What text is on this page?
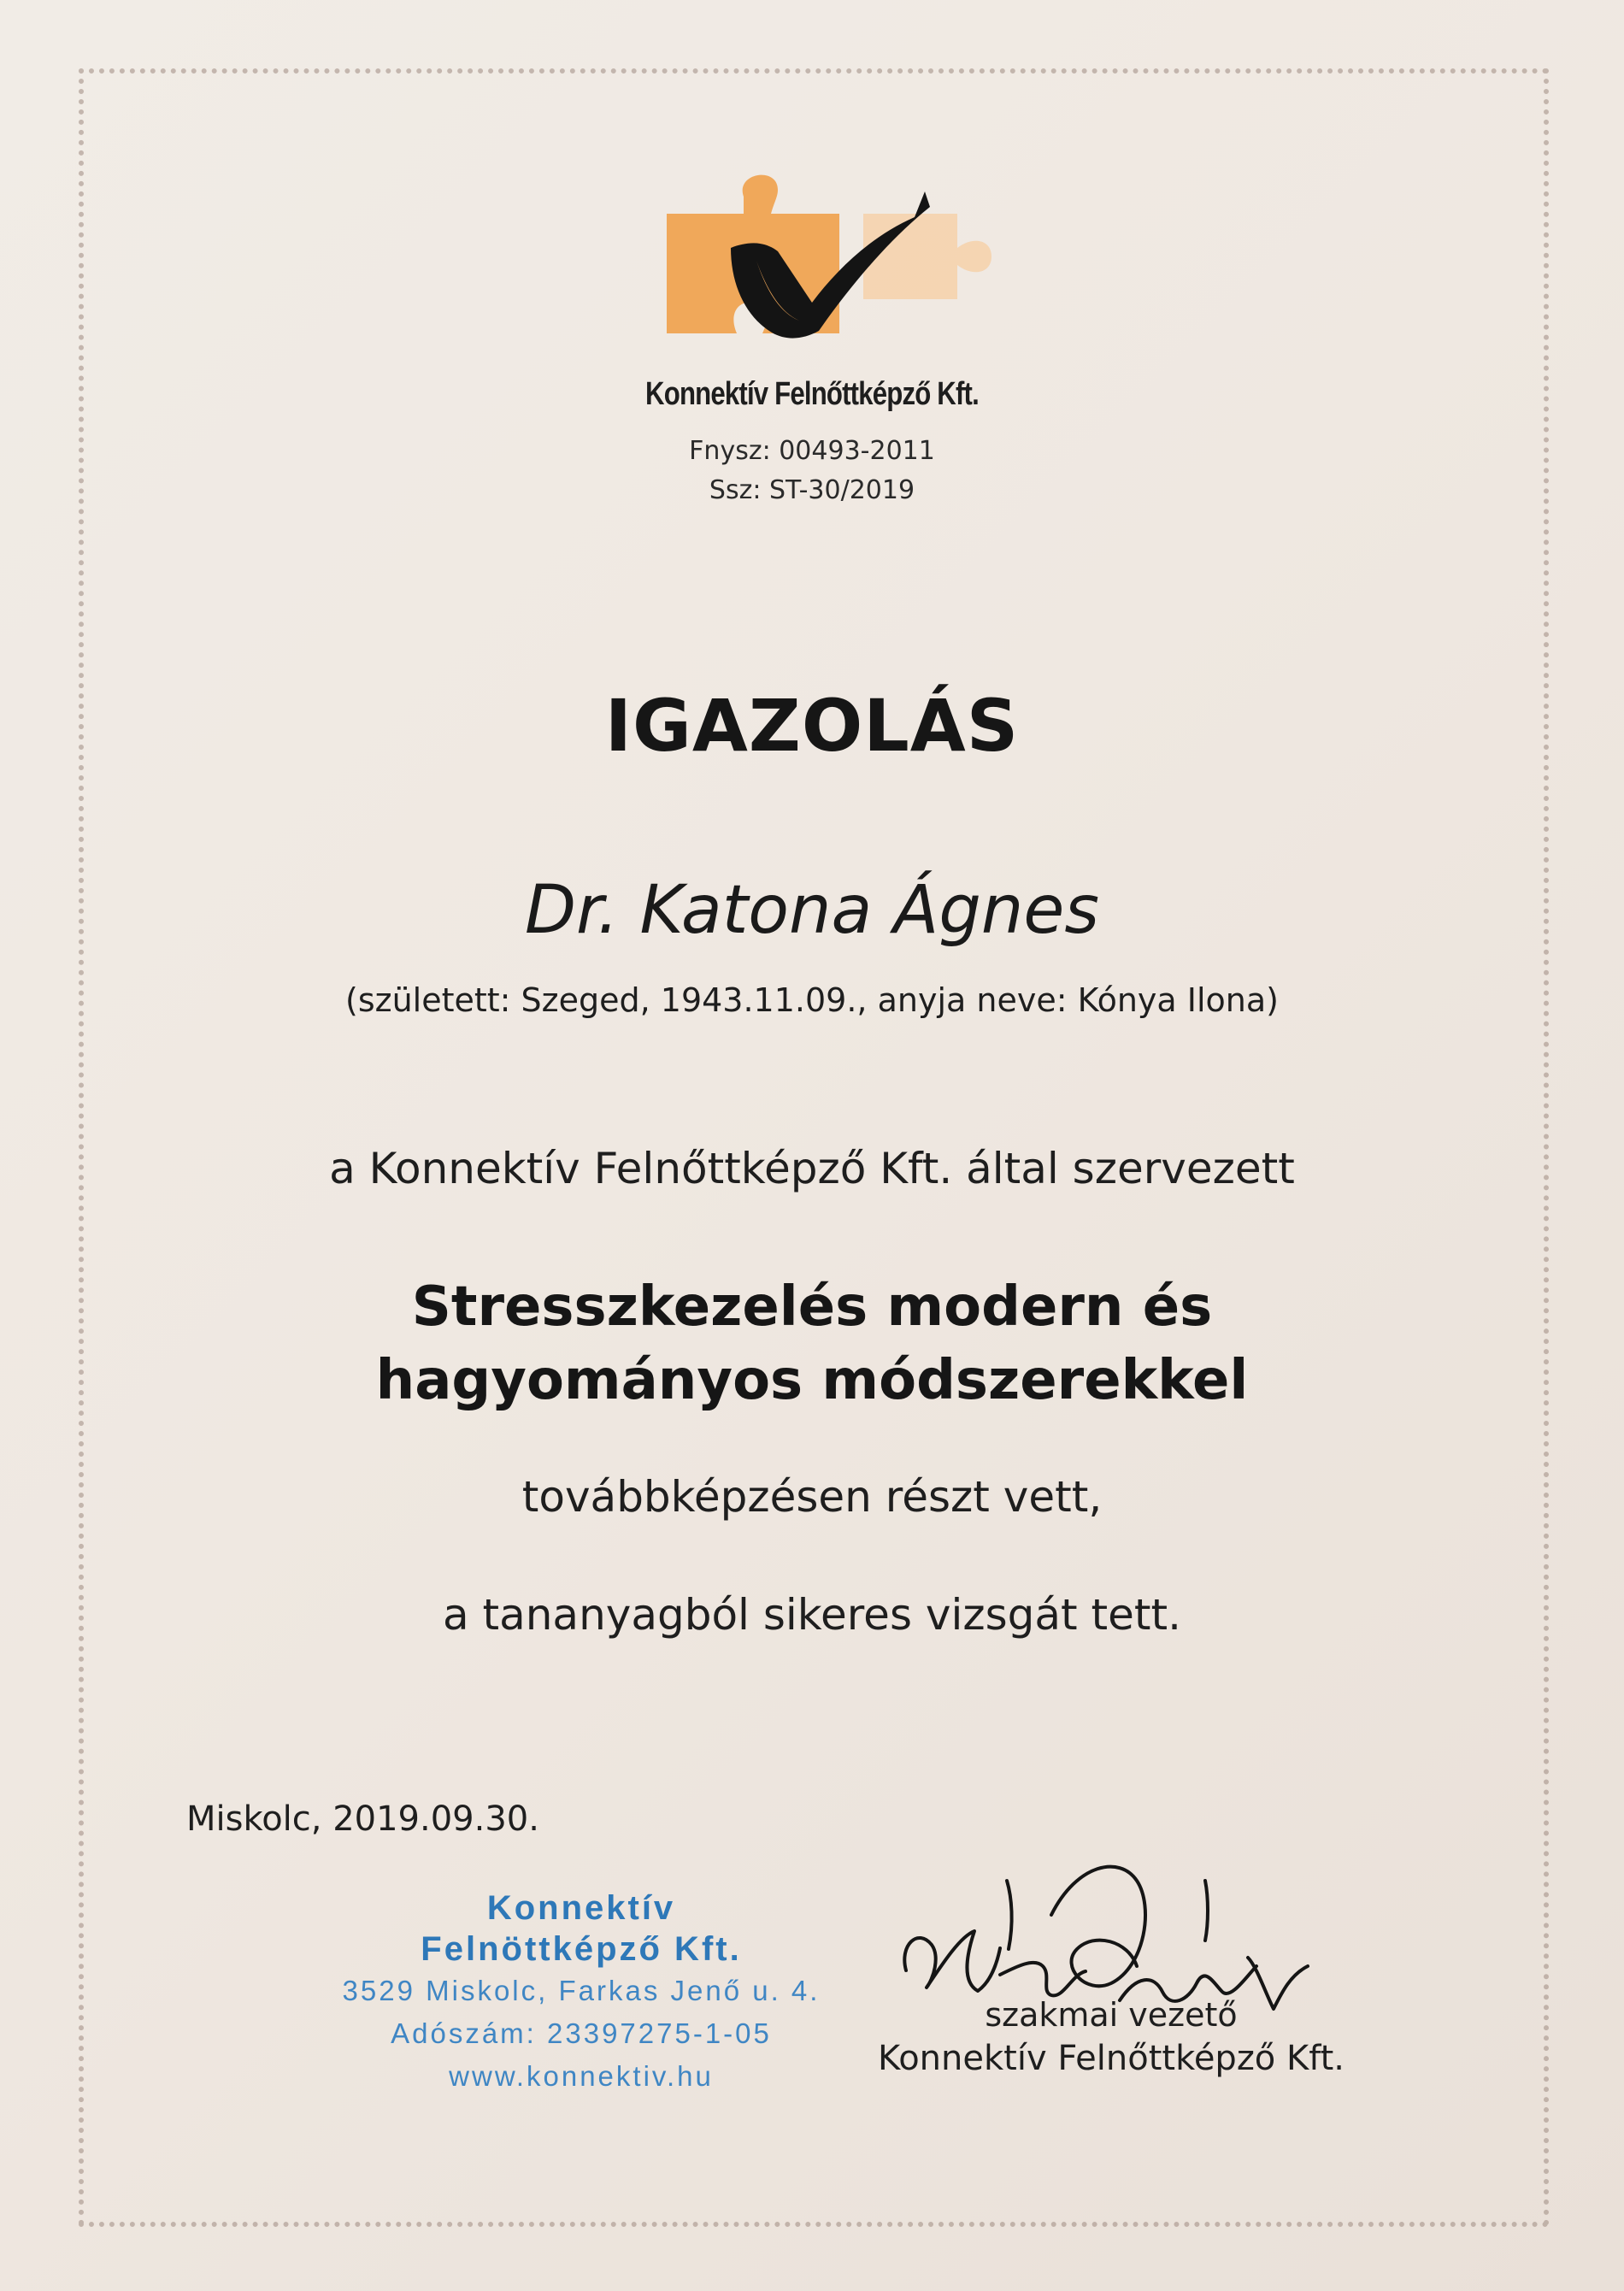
Konnektív Felnőttképző Kft.
Fnysz: 00493-2011
Ssz: ST-30/2019
IGAZOLÁS
Dr. Katona Ágnes
(született: Szeged, 1943.11.09., anyja neve: Kónya Ilona)
a Konnektív Felnőttképző Kft. által szervezett
Stresszkezelés modern és
hagyományos módszerekkel
továbbképzésen részt vett,
a tananyagból sikeres vizsgát tett.
Miskolc, 2019.09.30.
Konnektív
Felnöttképző Kft.
3529 Miskolc, Farkas Jenő u. 4.
Adószám: 23397275-1-05
www.konnektiv.hu
szakmai vezető
Konnektív Felnőttképző Kft.
